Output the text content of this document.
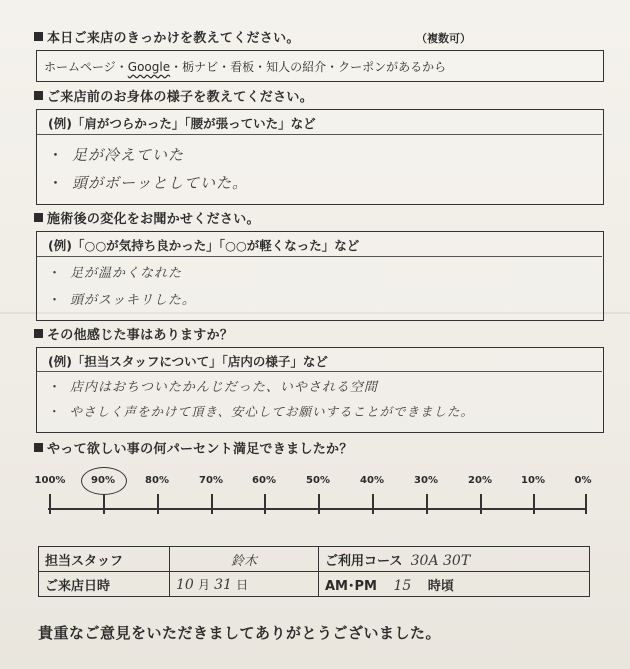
本日ご来店のきっかけを教えてください。	（複数可）
ホームページ・Google・栃ナビ・看板・知人の紹介・クーポンがあるから
ご来店前のお身体の様子を教えてください。
(例)「肩がつらかった」「腰が張っていた」など
・ 足が冷えていた
・ 頭がボーッとしていた。
施術後の変化をお聞かせください。
(例)「○○が気持ち良かった」「○○が軽くなった」など
・ 足が温かくなれた
・ 頭がスッキリした。
その他感じた事はありますか？
(例)「担当スタッフについて」「店内の様子」など
・ 店内はおちついたかんじだった、いやされる空間
・ やさしく声をかけて頂き、安心してお願いすることができました。
やって欲しい事の何パーセント満足できましたか？
100%	90%	80%	70%	60%	50%	40%	30%	20%	10%	0%
担当スタッフ	鈴木	ご利用コース 30A 30T
ご来店日時	10 月 31 日	AM･PM 15 時頃
貴重なご意見をいただきましてありがとうございました。
